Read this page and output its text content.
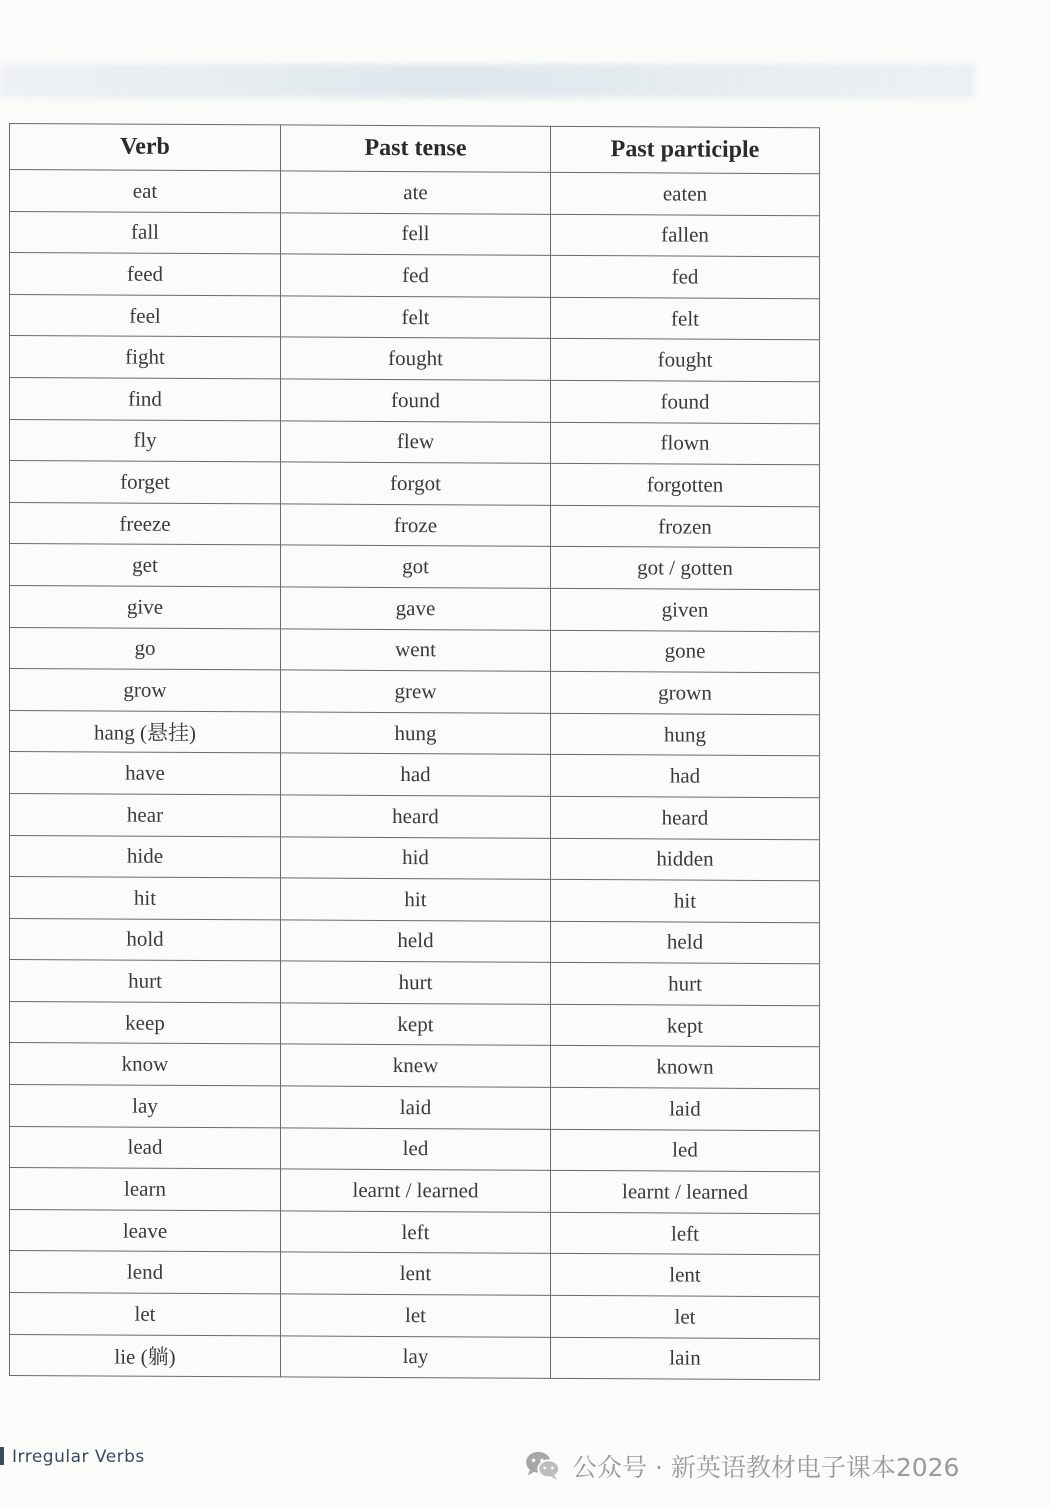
Verb	Past tense	Past participle
eat	ate	eaten
fall	fell	fallen
feed	fed	fed
feel	felt	felt
fight	fought	fought
find	found	found
fly	flew	flown
forget	forgot	forgotten
freeze	froze	frozen
get	got	got / gotten
give	gave	given
go	went	gone
grow	grew	grown
hang (悬挂)	hung	hung
have	had	had
hear	heard	heard
hide	hid	hidden
hit	hit	hit
hold	held	held
hurt	hurt	hurt
keep	kept	kept
know	knew	known
lay	laid	laid
lead	led	led
learn	learnt / learned	learnt / learned
leave	left	left
lend	lent	lent
let	let	let
lie (躺)	lay	lain
Irregular Verbs	公众号 · 新英语教材电子课本2026
